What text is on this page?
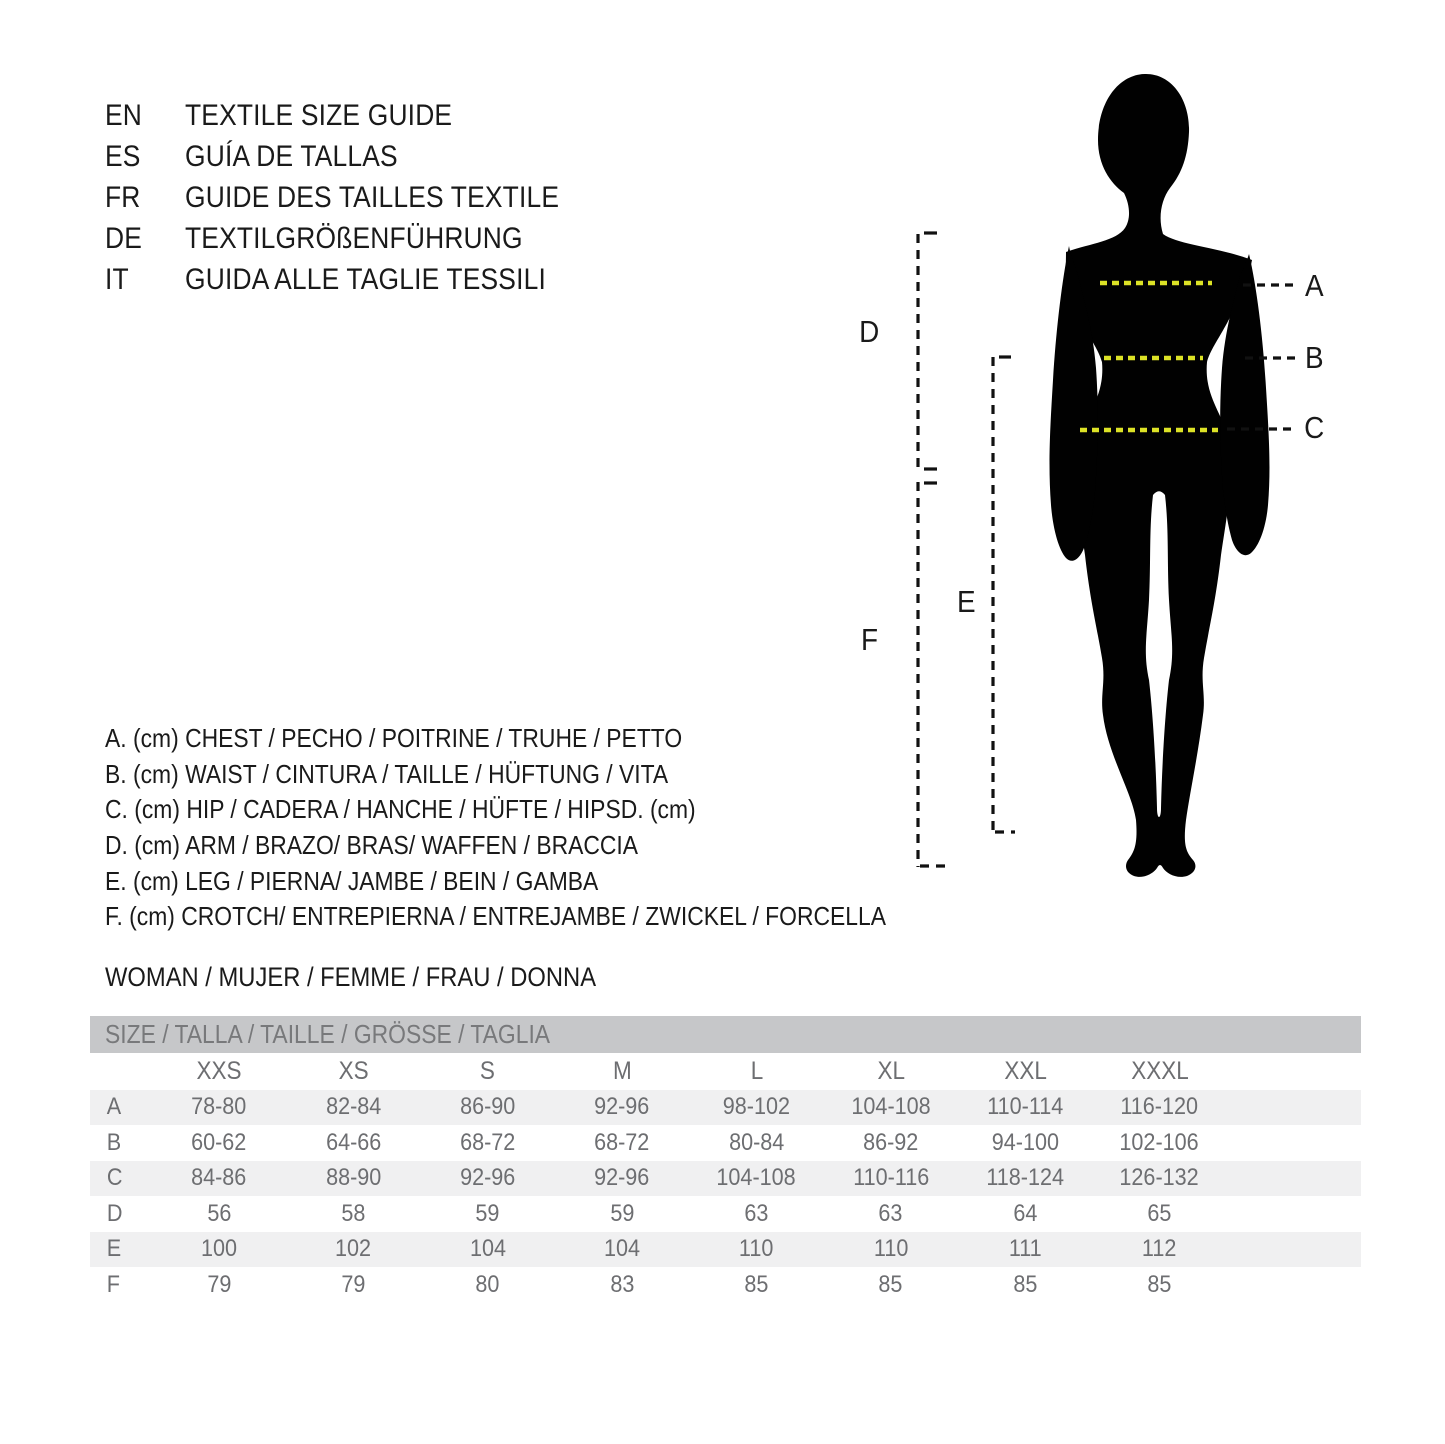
EN	TEXTILE SIZE GUIDE
ES	GUÍA DE TALLAS
FR	GUIDE DES TAILLES TEXTILE
DE	TEXTILGRÖßENFÜHRUNG
IT	GUIDA ALLE TAGLIE TESSILI	A
B
C
D
E
F
A. (cm) CHEST / PECHO / POITRINE / TRUHE / PETTO
B. (cm) WAIST / CINTURA / TAILLE / HÜFTUNG / VITA
C. (cm) HIP / CADERA / HANCHE / HÜFTE / HIPSD. (cm)
D. (cm) ARM / BRAZO/ BRAS/ WAFFEN / BRACCIA
E. (cm) LEG / PIERNA/ JAMBE / BEIN / GAMBA
F. (cm) CROTCH/ ENTREPIERNA / ENTREJAMBE / ZWICKEL / FORCELLA
WOMAN / MUJER / FEMME / FRAU / DONNA
SIZE / TALLA / TAILLE / GRÖSSE / TAGLIA
XXS	XS	S	M	L	XL	XXL	XXXL
A	78-80	82-84	86-90	92-96	98-102	104-108	110-114	116-120
B	60-62	64-66	68-72	68-72	80-84	86-92	94-100	102-106
C	84-86	88-90	92-96	92-96	104-108	110-116	118-124	126-132
D	56	58	59	59	63	63	64	65
E	100	102	104	104	110	110	111	112
F	79	79	80	83	85	85	85	85
